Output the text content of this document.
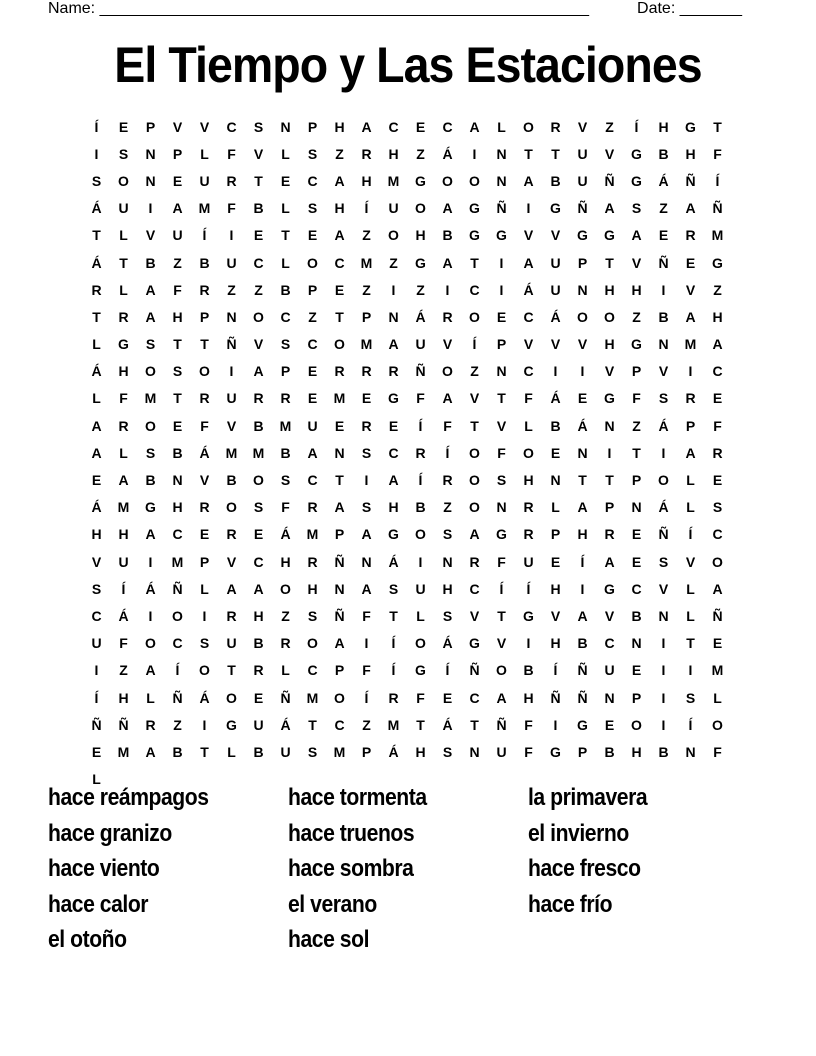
Name: _______________________________________________________	Date: _______
El Tiempo y Las Estaciones
Í	E	P	V	V	C	S	N	P	H	A	C	E	C	A	L	O	R	V	Z	Í	H	G	T
I	S	N	P	L	F	V	L	S	Z	R	H	Z	Á	I	N	T	T	U	V	G	B	H	F
S	O	N	E	U	R	T	E	C	A	H	M	G	O	O	N	A	B	U	Ñ	G	Á	Ñ	Í
Á	U	I	A	M	F	B	L	S	H	Í	U	O	A	G	Ñ	I	G	Ñ	A	S	Z	A	Ñ
T	L	V	U	Í	I	E	T	E	A	Z	O	H	B	G	G	V	V	G	G	A	E	R	M
Á	T	B	Z	B	U	C	L	O	C	M	Z	G	A	T	I	A	U	P	T	V	Ñ	E	G
R	L	A	F	R	Z	Z	B	P	E	Z	I	Z	I	C	I	Á	U	N	H	H	I	V	Z
T	R	A	H	P	N	O	C	Z	T	P	N	Á	R	O	E	C	Á	O	O	Z	B	A	H
L	G	S	T	T	Ñ	V	S	C	O	M	A	U	V	Í	P	V	V	V	H	G	N	M	A
Á	H	O	S	O	I	A	P	E	R	R	R	Ñ	O	Z	N	C	I	I	V	P	V	I	C
L	F	M	T	R	U	R	R	E	M	E	G	F	A	V	T	F	Á	E	G	F	S	R	E
A	R	O	E	F	V	B	M	U	E	R	E	Í	F	T	V	L	B	Á	N	Z	Á	P	F
A	L	S	B	Á	M	M	B	A	N	S	C	R	Í	O	F	O	E	N	I	T	I	A	R
E	A	B	N	V	B	O	S	C	T	I	A	Í	R	O	S	H	N	T	T	P	O	L	E
Á	M	G	H	R	O	S	F	R	A	S	H	B	Z	O	N	R	L	A	P	N	Á	L	S
H	H	A	C	E	R	E	Á	M	P	A	G	O	S	A	G	R	P	H	R	E	Ñ	Í	C
V	U	I	M	P	V	C	H	R	Ñ	N	Á	I	N	R	F	U	E	Í	A	E	S	V	O
S	Í	Á	Ñ	L	A	A	O	H	N	A	S	U	H	C	Í	Í	H	I	G	C	V	L	A
C	Á	I	O	I	R	H	Z	S	Ñ	F	T	L	S	V	T	G	V	A	V	B	N	L	Ñ
U	F	O	C	S	U	B	R	O	A	I	Í	O	Á	G	V	I	H	B	C	N	I	T	E
I	Z	A	Í	O	T	R	L	C	P	F	Í	G	Í	Ñ	O	B	Í	Ñ	U	E	I	I	M
Í	H	L	Ñ	Á	O	E	Ñ	M	O	Í	R	F	E	C	A	H	Ñ	Ñ	N	P	I	S	L
Ñ	Ñ	R	Z	I	G	U	Á	T	C	Z	M	T	Á	T	Ñ	F	I	G	E	O	I	Í	O
E	M	A	B	T	L	B	U	S	M	P	Á	H	S	N	U	F	G	P	B	H	B	N	F
L
hace reámpagos
hace granizo
hace viento
hace calor
el otoño
hace tormenta
hace truenos
hace sombra
el verano
hace sol
la primavera
el invierno
hace fresco
hace frío
